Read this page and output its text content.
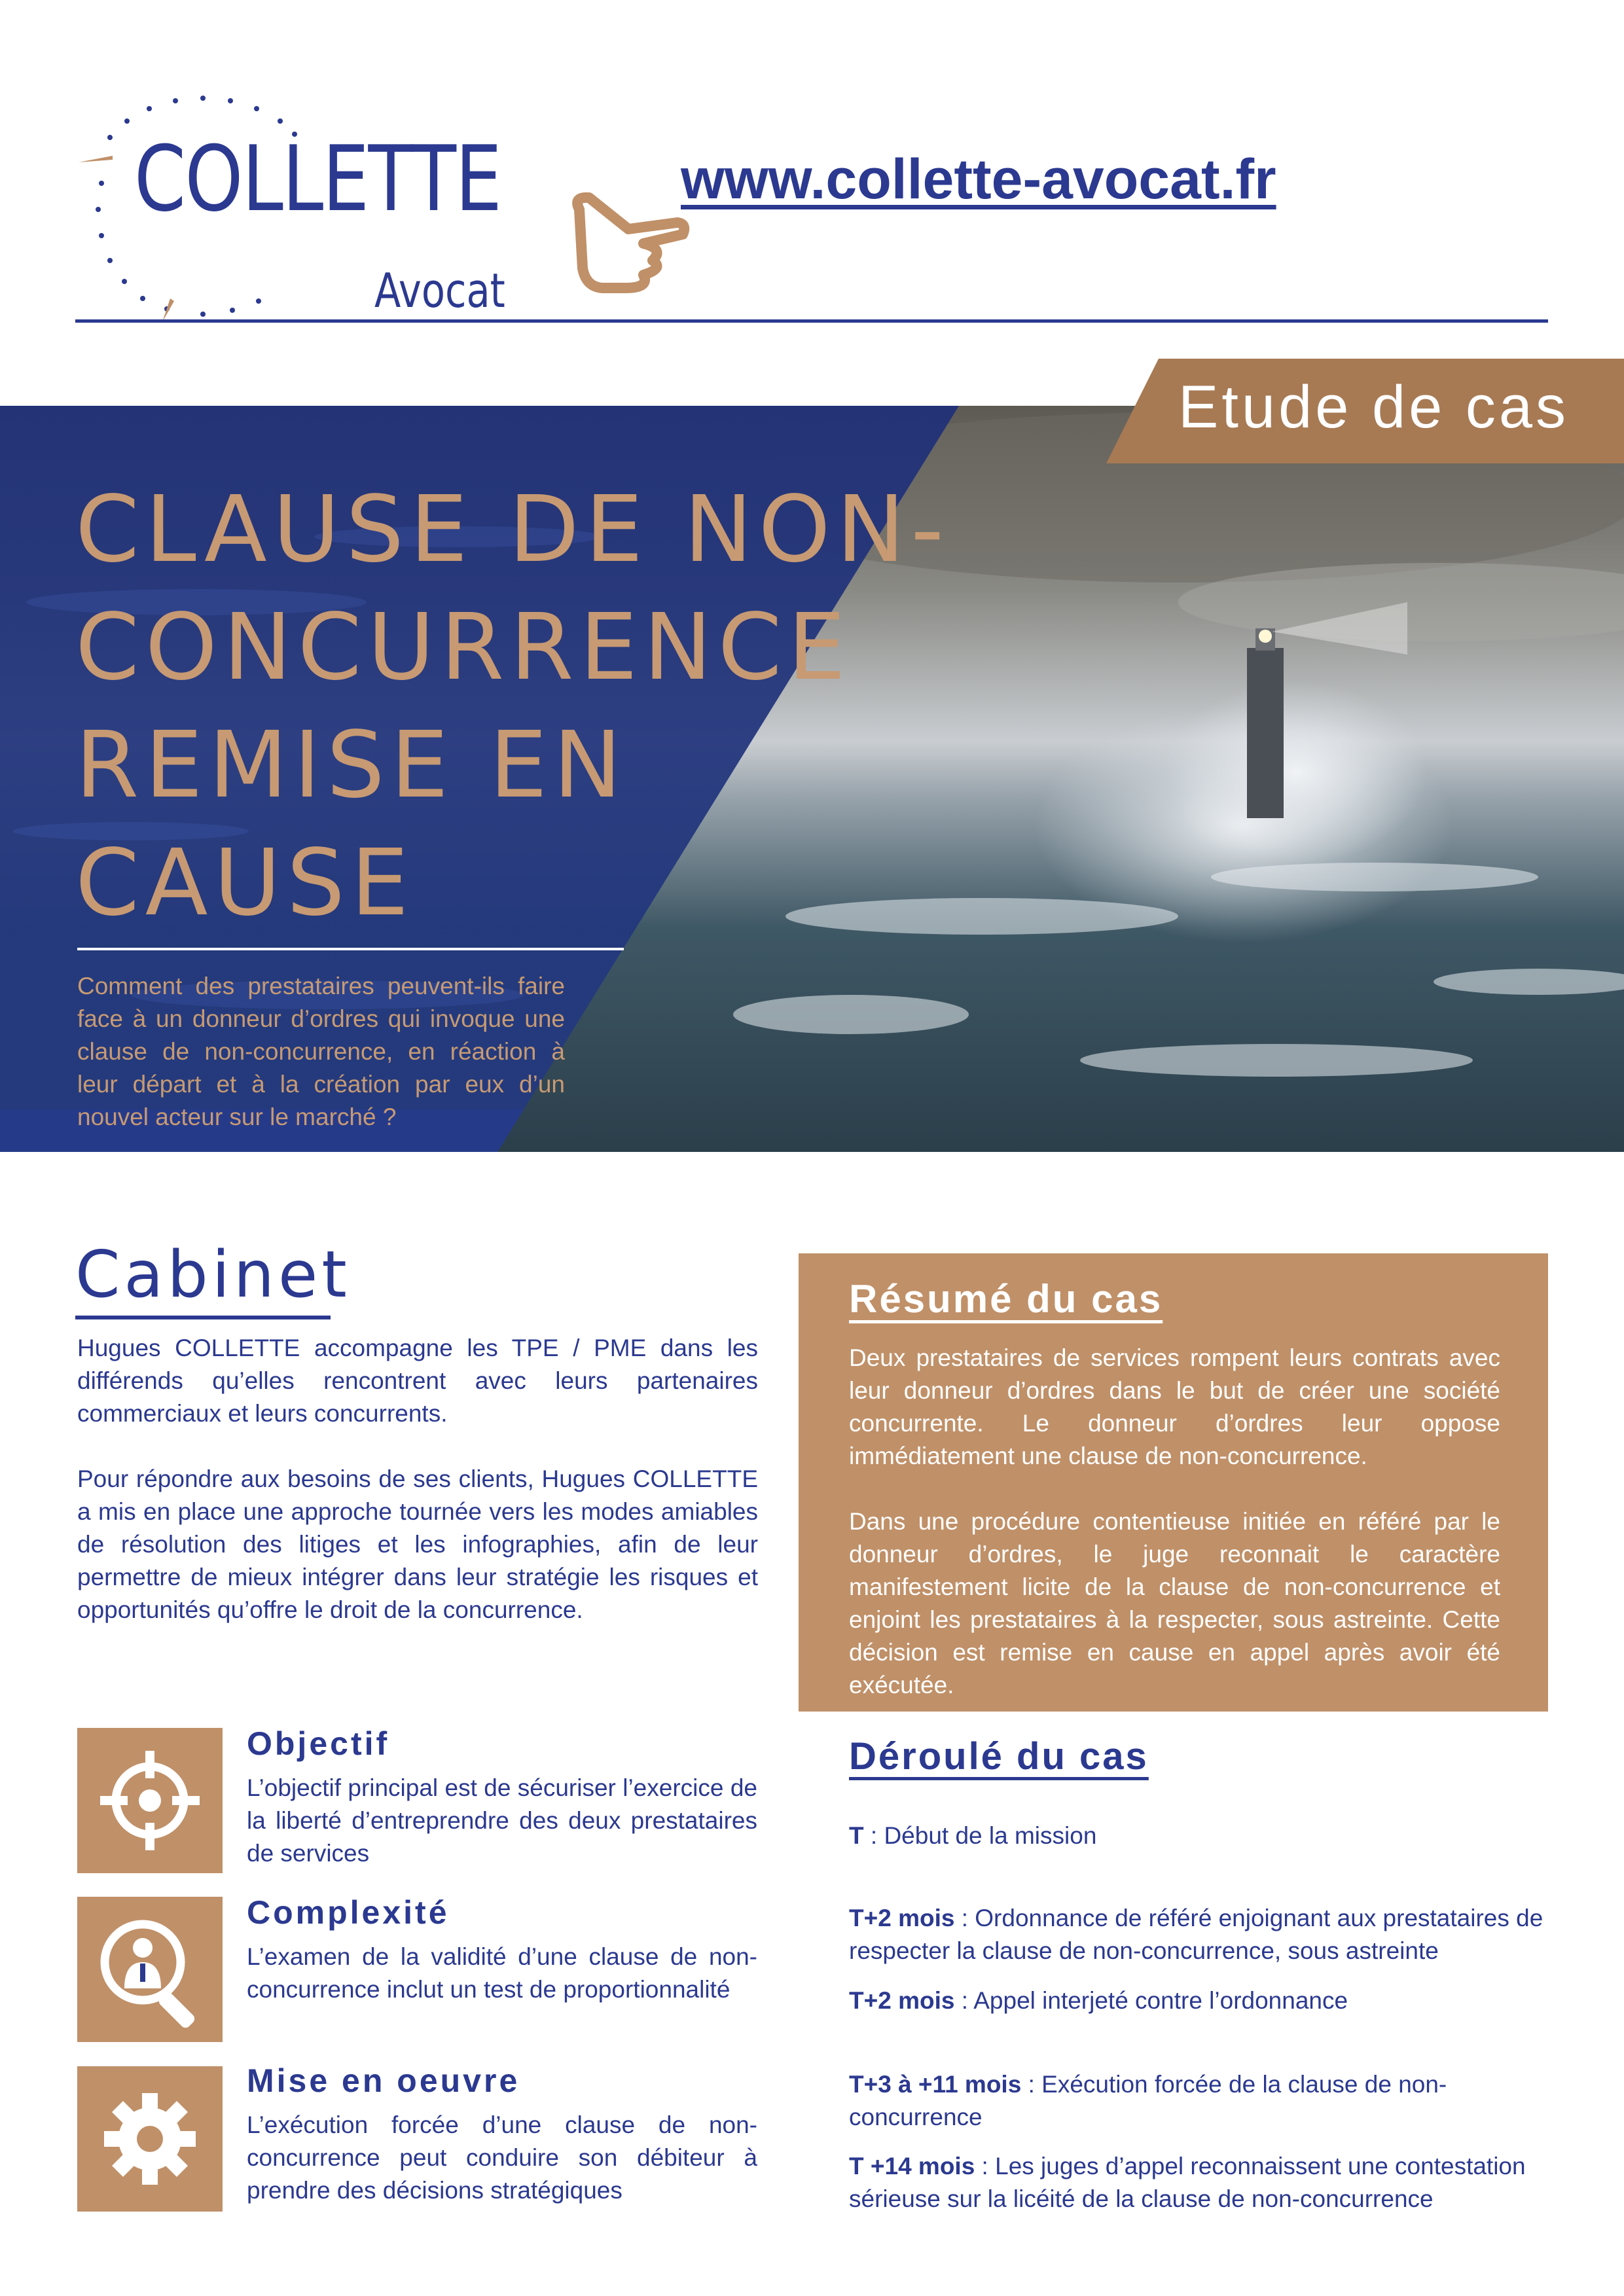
COLLETTE
Avocat
www.collette-avocat.fr
Etude de cas
CLAUSE DE NON-
CONCURRENCE
REMISE EN
CAUSE
Comment des prestataires peuvent-ils faire face à un donneur d’ordres qui invoque une clause de non-concurrence, en réaction à leur départ et à la création par eux d’un nouvel acteur sur le marché ?
Crédit : Shutterstock.
Cabinet
Hugues COLLETTE accompagne les TPE / PME dans les différends qu’elles rencontrent avec leurs partenaires commerciaux et leurs concurrents.
Pour répondre aux besoins de ses clients, Hugues COLLETTE a mis en place une approche tournée vers les modes amiables de résolution des litiges et les infographies, afin de leur permettre de mieux intégrer dans leur stratégie les risques et opportunités qu’offre le droit de la concurrence.
Résumé du cas
Deux prestataires de services rompent leurs contrats avec leur donneur d’ordres dans le but de créer une société concurrente. Le donneur d’ordres leur oppose immédiatement une clause de non-concurrence.
Dans une procédure contentieuse initiée en référé par le donneur d’ordres, le juge reconnait le caractère manifestement licite de la clause de non-concurrence et enjoint les prestataires à la respecter, sous astreinte. Cette décision est remise en cause en appel après avoir été exécutée.
Objectif
L’objectif principal est de sécuriser l’exercice de la liberté d’entreprendre des deux prestataires de services
Complexité
L’examen de la validité d’une clause de non-concurrence inclut un test de proportionnalité
Mise en oeuvre
L’exécution forcée d’une clause de non-concurrence peut conduire son débiteur à prendre des décisions stratégiques
Déroulé du cas
T : Début de la mission
T+2 mois : Ordonnance de référé enjoignant aux prestataires de respecter la clause de non-concurrence, sous astreinte
T+2 mois : Appel interjeté contre l’ordonnance
T+3 à +11 mois : Exécution forcée de la clause de non-concurrence
T +14 mois : Les juges d’appel reconnaissent une contestation sérieuse sur la licéité de la clause de non-concurrence
